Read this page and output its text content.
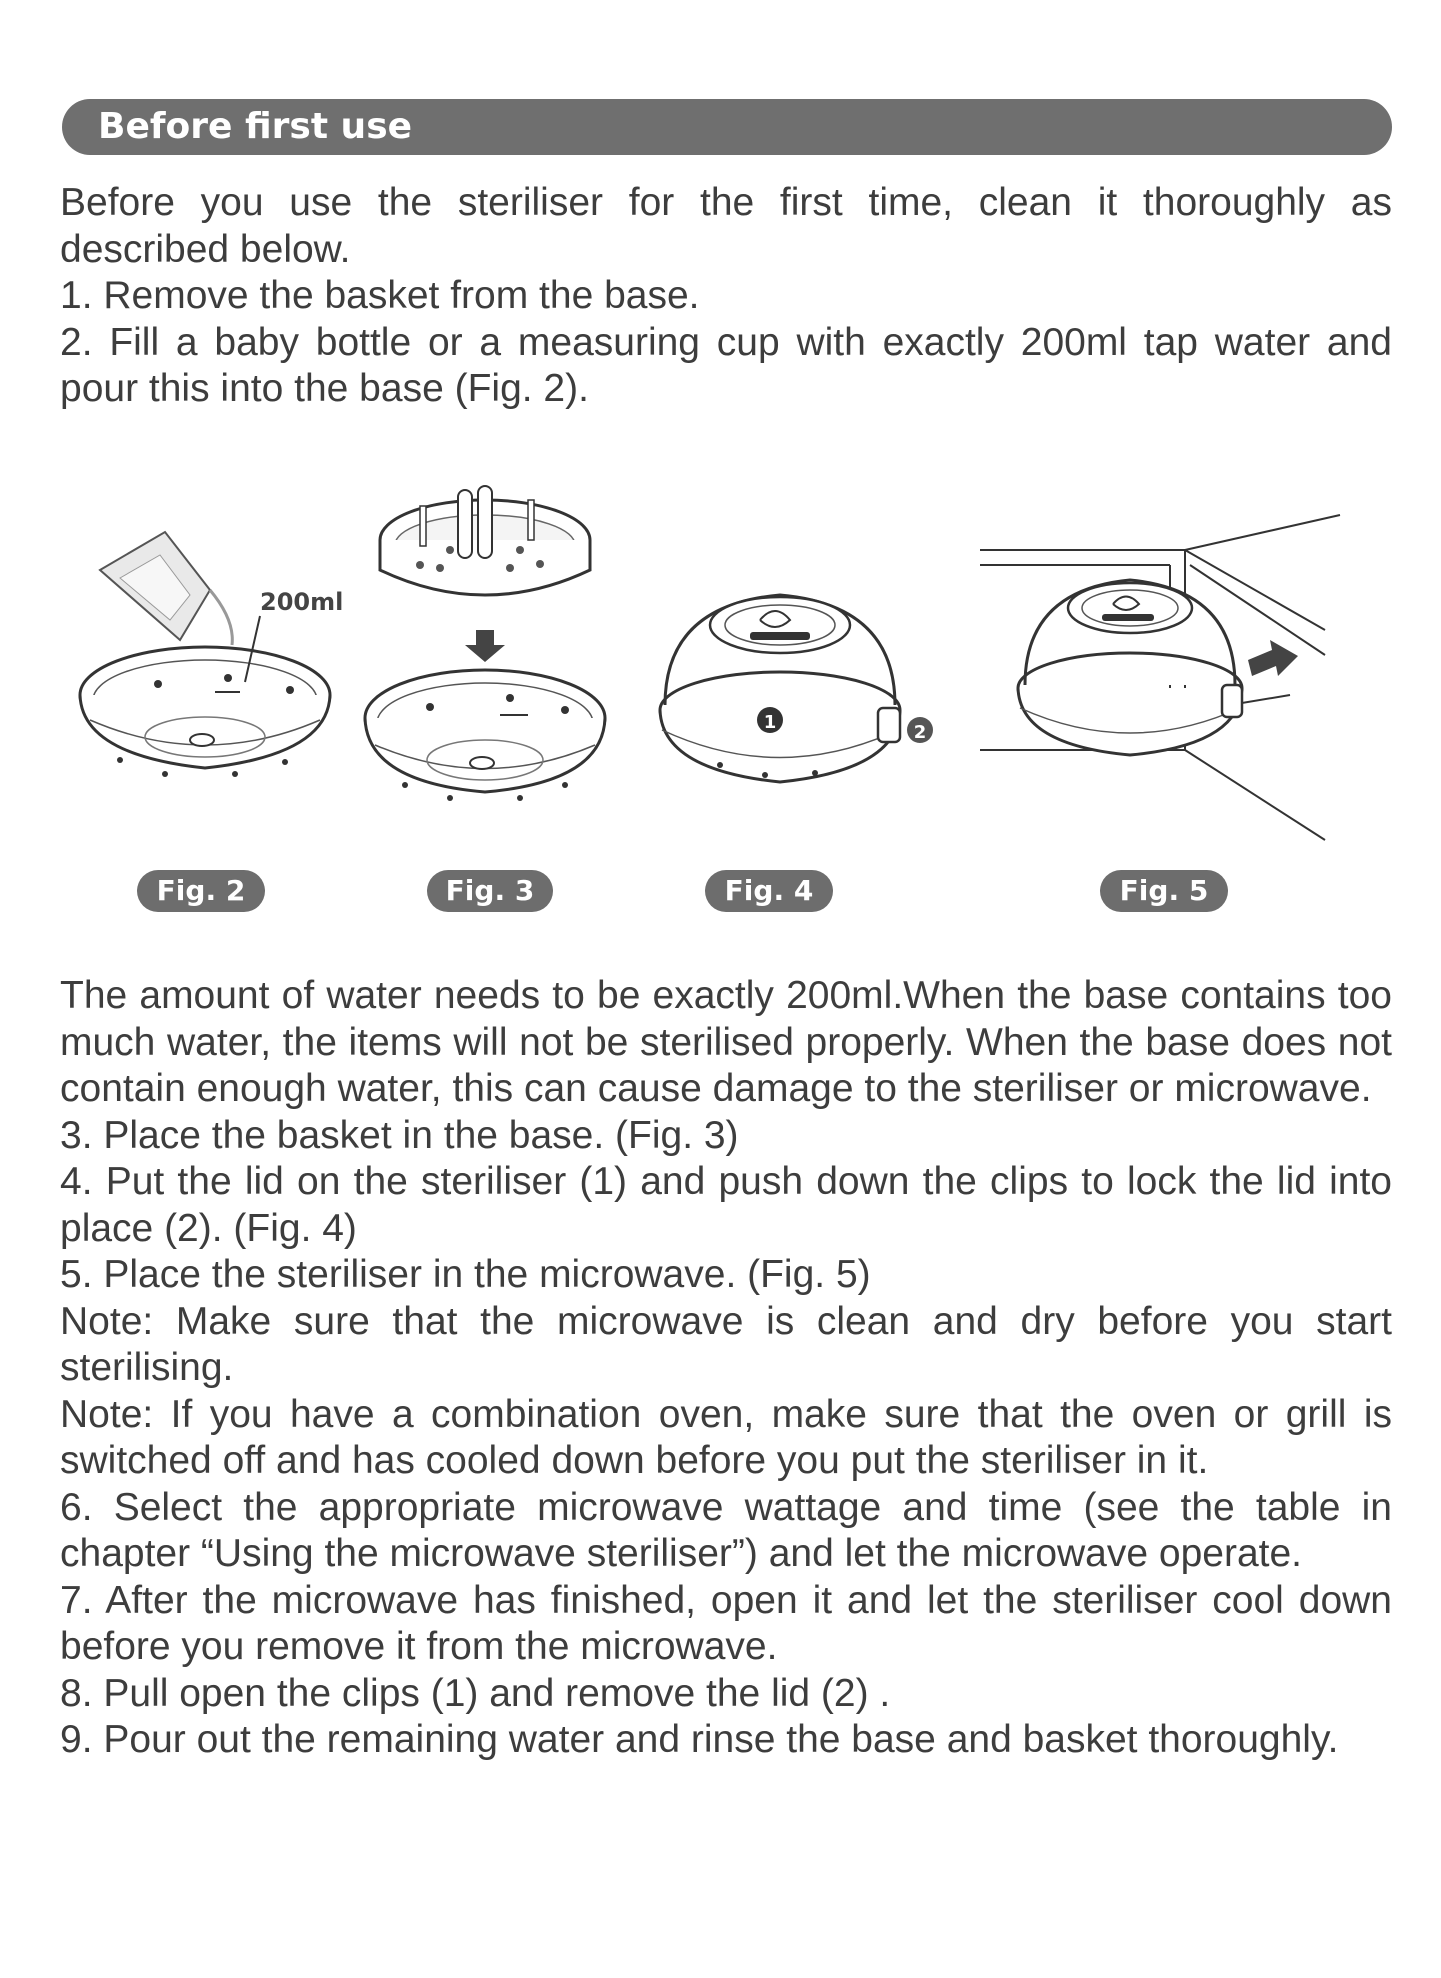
Before first use

Before you use the steriliser for the first time, clean it thoroughly as described below.

1. Remove the basket from the base.

2. Fill a baby bottle or a measuring cup with exactly 200ml tap water and pour this into the base (Fig. 2).

200ml
Fig. 2	Fig. 3
1	2
Fig. 4	Fig. 5

The amount of water needs to be exactly 200ml.When the base contains too much water, the items will not be sterilised properly. When the base does not contain enough water, this can cause damage to the steriliser or microwave.

3. Place the basket in the base. (Fig. 3)

4. Put the lid on the steriliser (1) and push down the clips to lock the lid into place (2). (Fig. 4)

5. Place the steriliser in the microwave. (Fig. 5)

Note: Make sure that the microwave is clean and dry before you start sterilising.

Note: If you have a combination oven, make sure that the oven or grill is switched off and has cooled down before you put the steriliser in it.

6. Select the appropriate microwave wattage and time (see the table in chapter “Using the microwave steriliser”) and let the microwave operate.

7. After the microwave has finished, open it and let the steriliser cool down before you remove it from the microwave.

8. Pull open the clips (1) and remove the lid (2) .

9. Pour out the remaining water and rinse the base and basket thoroughly.
